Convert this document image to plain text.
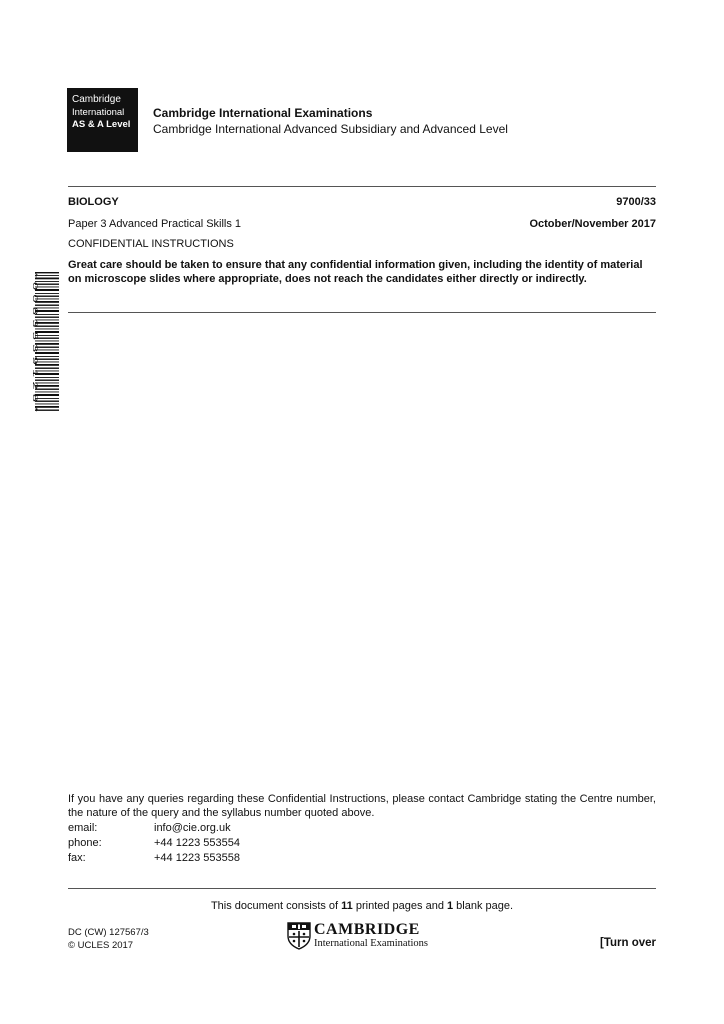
Cambridge
International
AS & A Level
Cambridge International Examinations
Cambridge International Advanced Subsidiary and Advanced Level
BIOLOGY	9700/33
Paper 3 Advanced Practical Skills 1	October/November 2017
CONFIDENTIAL INSTRUCTIONS
Great care should be taken to ensure that any confidential information given, including the identity of material on microscope slides where appropriate, does not reach the candidates either directly or indirectly.
* 0 0 8 3 5 3 9 1 2 8 *
If you have any queries regarding these Confidential Instructions, please contact Cambridge stating the Centre number, the nature of the query and the syllabus number quoted above.
email:	info@cie.org.uk
phone:	+44 1223 553554
fax:	+44 1223 553558
This document consists of 11 printed pages and 1 blank page.
DC (CW) 127567/3
© UCLES 2017
CAMBRIDGE
International Examinations	[Turn over
